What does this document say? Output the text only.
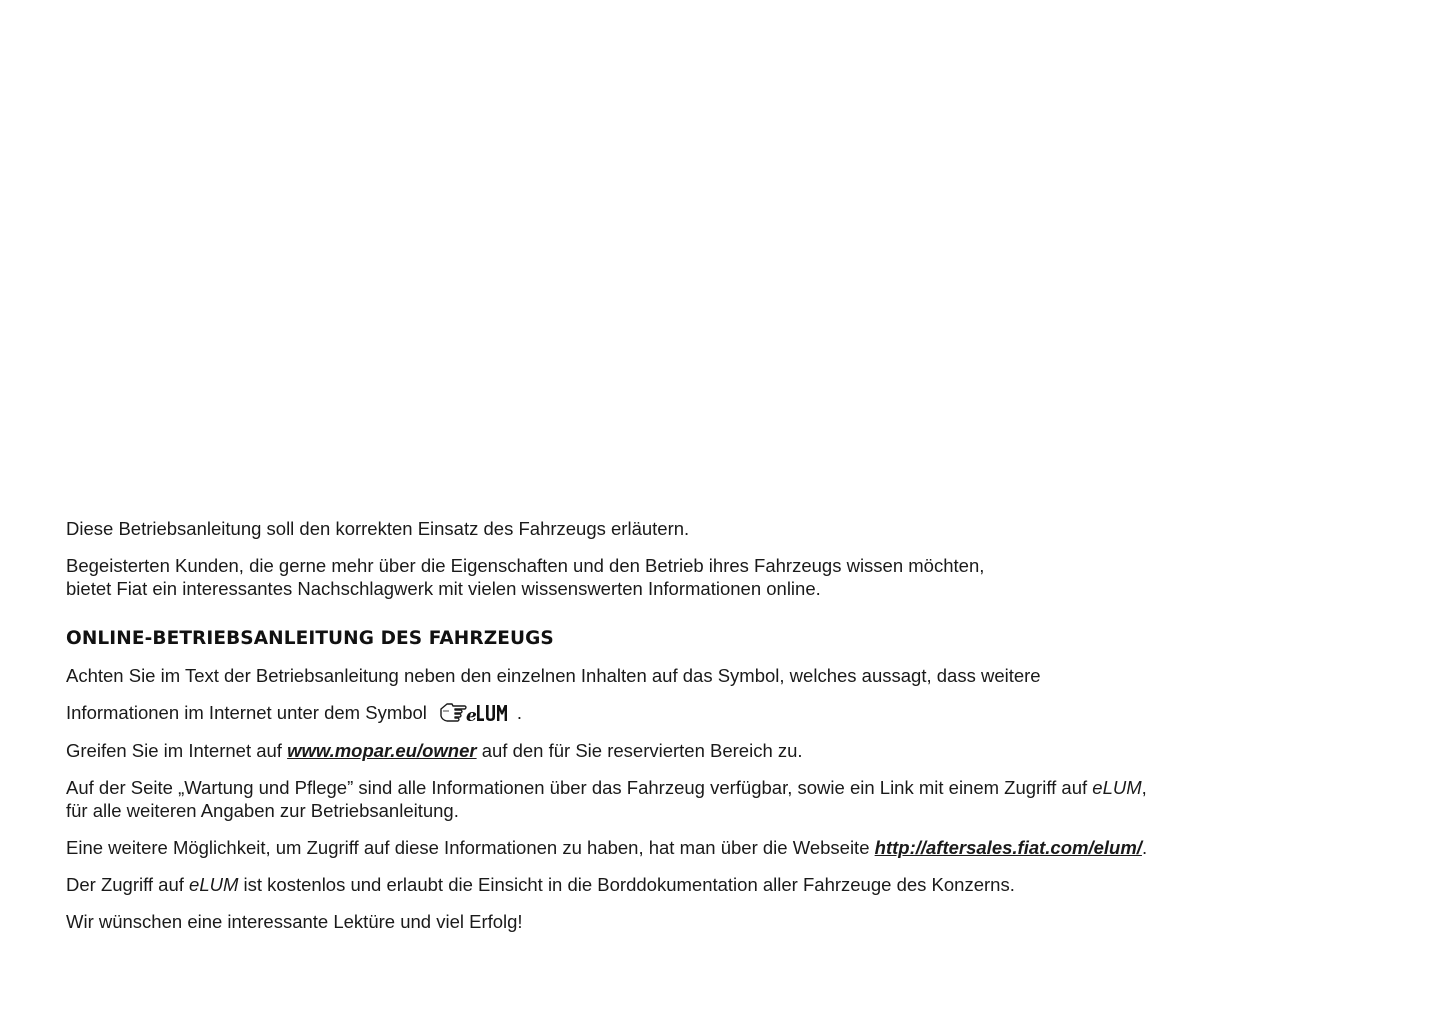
Diese Betriebsanleitung soll den korrekten Einsatz des Fahrzeugs erläutern.

Begeisterten Kunden, die gerne mehr über die Eigenschaften und den Betrieb ihres Fahrzeugs wissen möchten,
bietet Fiat ein interessantes Nachschlagwerk mit vielen wissenswerten Informationen online.

ONLINE-BETRIEBSANLEITUNG DES FAHRZEUGS

Achten Sie im Text der Betriebsanleitung neben den einzelnen Inhalten auf das Symbol, welches aussagt, dass weitere

Informationen im Internet unter dem Symbol e .

Greifen Sie im Internet auf www.mopar.eu/owner auf den für Sie reservierten Bereich zu.

Auf der Seite „Wartung und Pflege” sind alle Informationen über das Fahrzeug verfügbar, sowie ein Link mit einem Zugriff auf eLUM,
für alle weiteren Angaben zur Betriebsanleitung.

Eine weitere Möglichkeit, um Zugriff auf diese Informationen zu haben, hat man über die Webseite http://aftersales.fiat.com/elum/.

Der Zugriff auf eLUM ist kostenlos und erlaubt die Einsicht in die Borddokumentation aller Fahrzeuge des Konzerns.

Wir wünschen eine interessante Lektüre und viel Erfolg!
